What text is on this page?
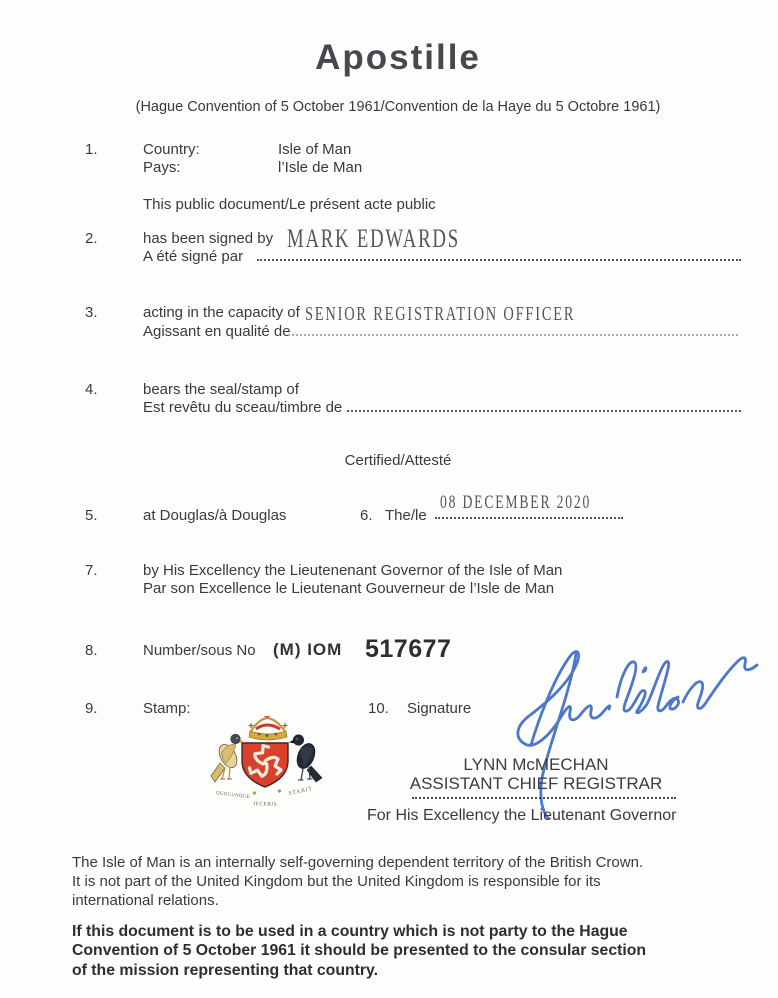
Apostille
(Hague Convention of 5 October 1961/Convention de la Haye du 5 Octobre 1961)
1.	Country:	Isle of Man
Pays:	l’Isle de Man
This public document/Le présent acte public
2.	has been signed by MARK EDWARDS
A été signé par
3.	acting in the capacity of SENIOR REGISTRATION OFFICER
Agissant en qualité de
4.	bears the seal/stamp of
Est revêtu du sceau/timbre de
Certified/Attesté
5.	at Douglas/à Douglas	6. The/le
08 DECEMBER 2020
7.	by His Excellency the Lieutenenant Governor of the Isle of Man
Par son Excellence le Lieutenant Gouverneur de l’Isle de Man
8.	Number/sous No (M) IOM 517677
9.	Stamp:	10. Signature
QUOCUNQUE
JECERIS
STABIT
LYNN McMECHAN
ASSISTANT CHIEF REGISTRAR
For His Excellency the Lieutenant Governor
The Isle of Man is an internally self-governing dependent territory of the British Crown.
It is not part of the United Kingdom but the United Kingdom is responsible for its
international relations.
If this document is to be used in a country which is not party to the Hague
Convention of 5 October 1961 it should be presented to the consular section
of the mission representing that country.
